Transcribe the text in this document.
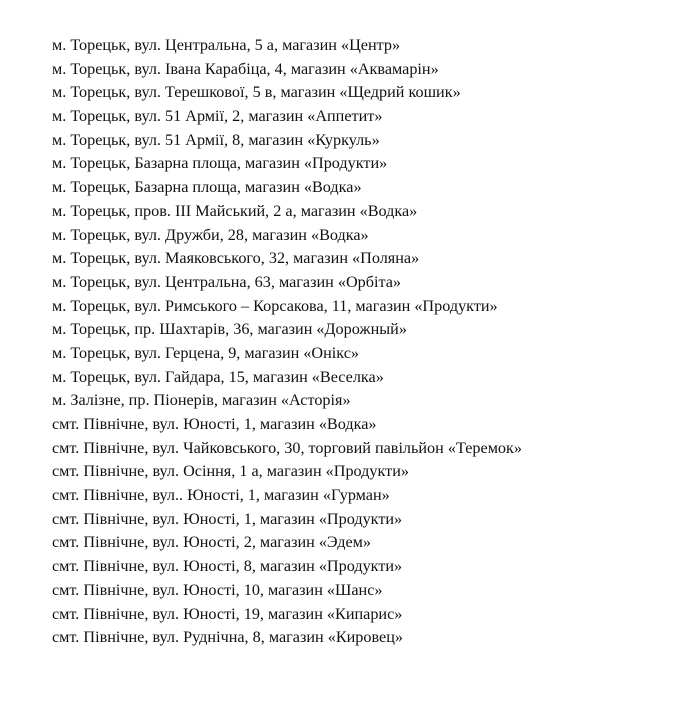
м. Торецьк, вул. Центральна, 5 а, магазин «Центр»
м. Торецьк, вул. Івана Карабіца, 4, магазин «Аквамарін»
м. Торецьк, вул. Терешкової, 5 в, магазин «Щедрий кошик»
м. Торецьк, вул. 51 Армії, 2, магазин «Аппетит»
м. Торецьк, вул. 51 Армії, 8, магазин «Куркуль»
м. Торецьк, Базарна площа, магазин «Продукти»
м. Торецьк, Базарна площа, магазин «Водка»
м. Торецьк, пров. III Майський, 2 а, магазин «Водка»
м. Торецьк, вул. Дружби, 28, магазин «Водка»
м. Торецьк, вул. Маяковського, 32, магазин «Поляна»
м. Торецьк, вул. Центральна, 63, магазин «Орбіта»
м. Торецьк, вул. Римського – Корсакова, 11, магазин «Продукти»
м. Торецьк, пр. Шахтарів, 36, магазин «Дорожный»
м. Торецьк, вул. Герцена, 9, магазин «Онікс»
м. Торецьк, вул. Гайдара, 15, магазин «Веселка»
м. Залізне, пр. Піонерів, магазин «Асторія»
смт. Північне, вул. Юності, 1, магазин «Водка»
смт. Північне, вул. Чайковського, 30, торговий павільйон «Теремок»
смт. Північне, вул. Осіння, 1 а, магазин «Продукти»
смт. Північне, вул.. Юності, 1, магазин «Гурман»
смт. Північне, вул. Юності, 1, магазин «Продукти»
смт. Північне, вул. Юності, 2, магазин «Эдем»
смт. Північне, вул. Юності, 8, магазин «Продукти»
смт. Північне, вул. Юності, 10, магазин «Шанс»
смт. Північне, вул. Юності, 19, магазин «Кипарис»
смт. Північне, вул. Руднічна, 8, магазин «Кировец»
